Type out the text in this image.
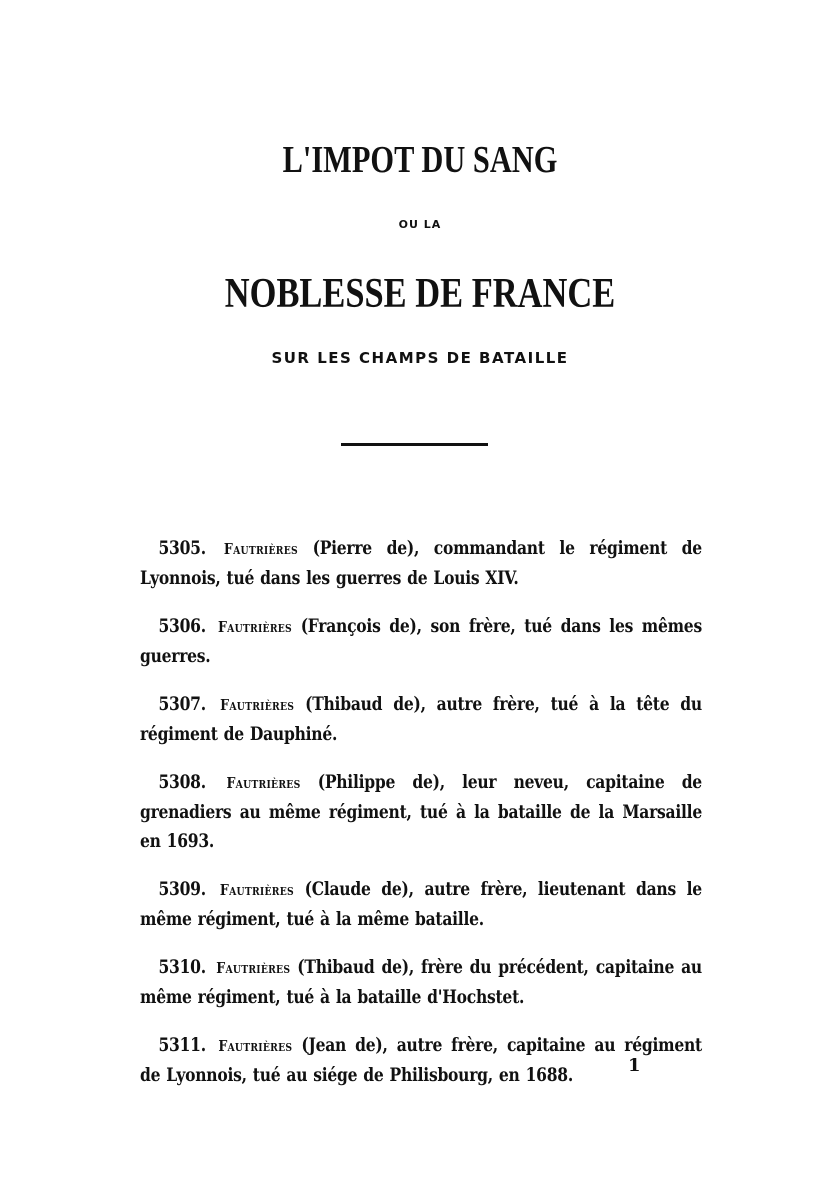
L'IMPOT DU SANG
OU LA
NOBLESSE DE FRANCE
SUR LES CHAMPS DE BATAILLE

5305. Fautrières (Pierre de), commandant le régiment de Lyonnois, tué dans les guerres de Louis XIV.

5306. Fautrières (François de), son frère, tué dans les mêmes guerres.

5307. Fautrières (Thibaud de), autre frère, tué à la tête du régiment de Dauphiné.

5308. Fautrières (Philippe de), leur neveu, capitaine de grenadiers au même régiment, tué à la bataille de la Marsaille en 1693.

5309. Fautrières (Claude de), autre frère, lieutenant dans le même régiment, tué à la même bataille.

5310. Fautrières (Thibaud de), frère du précédent, capitaine au même régiment, tué à la bataille d'Hochstet.

5311. Fautrières (Jean de), autre frère, capitaine au régiment de Lyonnois, tué au siége de Philisbourg, en 1688.	1
